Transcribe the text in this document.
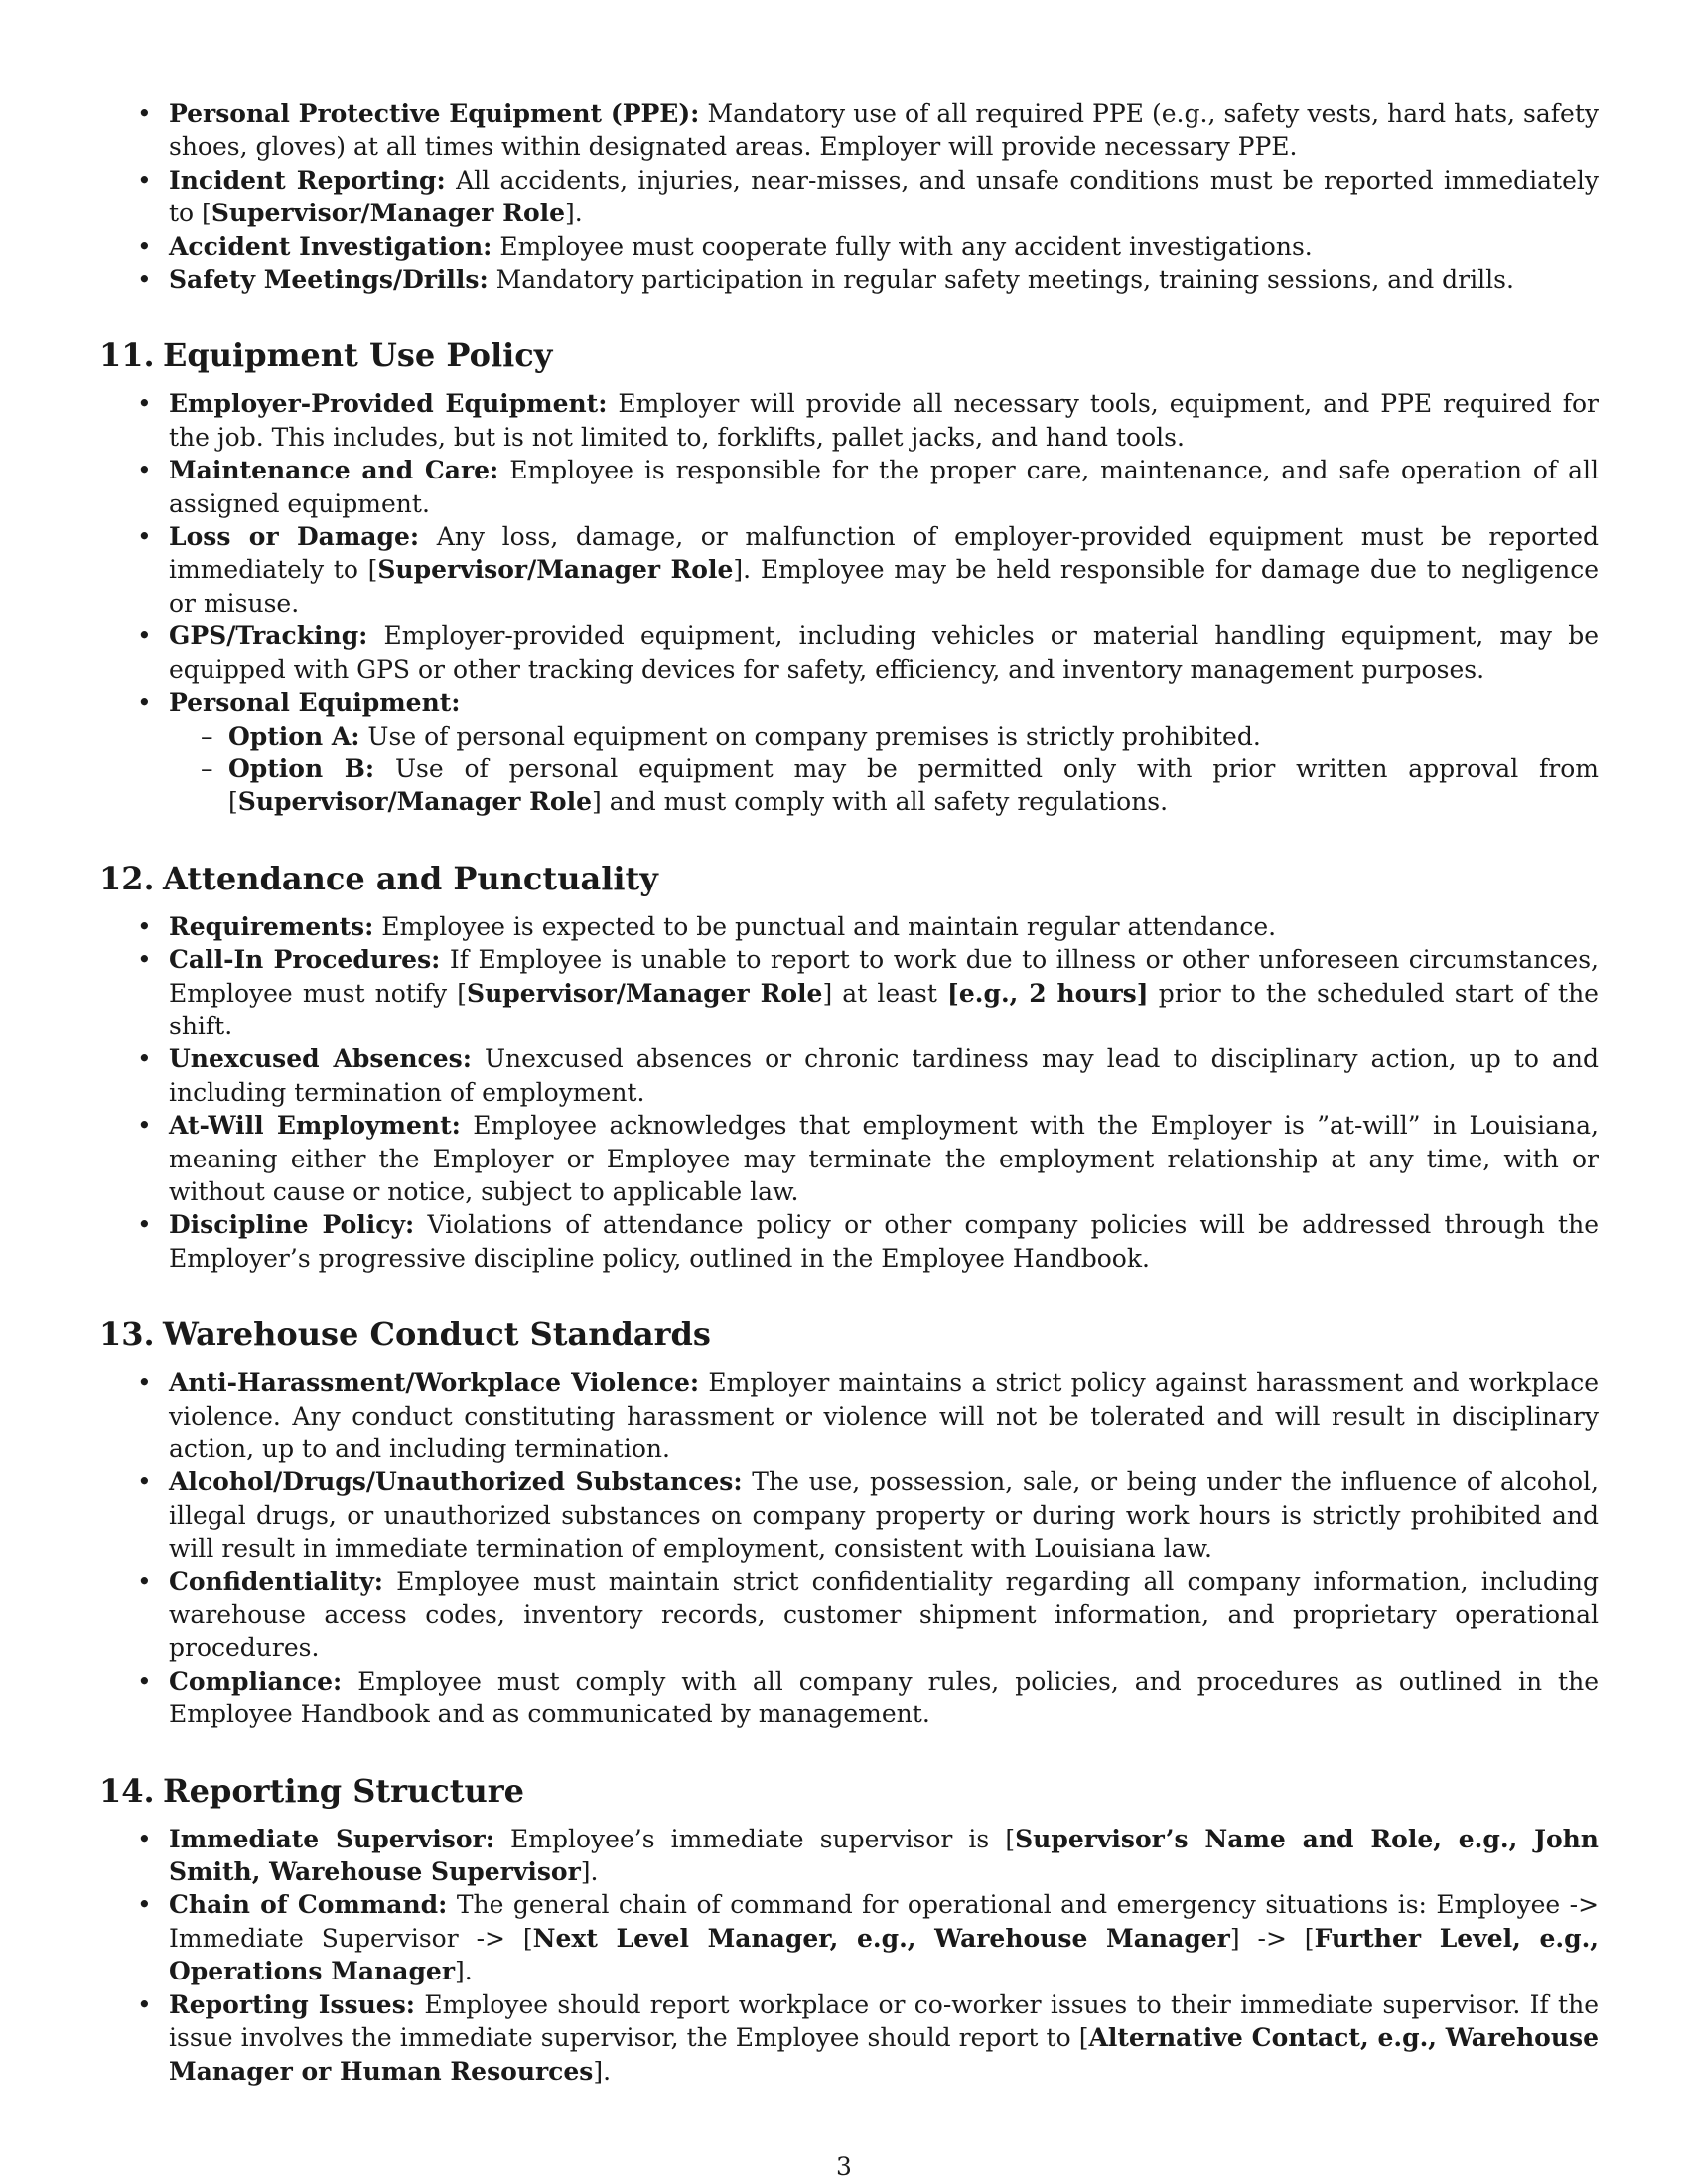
• Personal Protective Equipment (PPE): Mandatory use of all required PPE (e.g., safety vests, hard hats, safety shoes, gloves) at all times within designated areas. Employer will provide necessary PPE.
• Incident Reporting: All accidents, injuries, near-misses, and unsafe conditions must be reported immediately to [Supervisor/Manager Role].
• Accident Investigation: Employee must cooperate fully with any accident investigations.
• Safety Meetings/Drills: Mandatory participation in regular safety meetings, training sessions, and drills.
11. Equipment Use Policy
• Employer-Provided Equipment: Employer will provide all necessary tools, equipment, and PPE required for the job. This includes, but is not limited to, forklifts, pallet jacks, and hand tools.
• Maintenance and Care: Employee is responsible for the proper care, maintenance, and safe operation of all assigned equipment.
• Loss or Damage: Any loss, damage, or malfunction of employer-provided equipment must be reported immediately to [Supervisor/Manager Role]. Employee may be held responsible for damage due to negligence or misuse.
• GPS/Tracking: Employer-provided equipment, including vehicles or material handling equipment, may be equipped with GPS or other tracking devices for safety, efficiency, and inventory management purposes.
• Personal Equipment:
– Option A: Use of personal equipment on company premises is strictly prohibited.
– Option B: Use of personal equipment may be permitted only with prior written approval from [Supervisor/Manager Role] and must comply with all safety regulations.
12. Attendance and Punctuality
• Requirements: Employee is expected to be punctual and maintain regular attendance.
• Call-In Procedures: If Employee is unable to report to work due to illness or other unforeseen circumstances, Employee must notify [Supervisor/Manager Role] at least [e.g., 2 hours] prior to the scheduled start of the shift.
• Unexcused Absences: Unexcused absences or chronic tardiness may lead to disciplinary action, up to and including termination of employment.
• At-Will Employment: Employee acknowledges that employment with the Employer is ”at-will” in Louisiana, meaning either the Employer or Employee may terminate the employment relationship at any time, with or without cause or notice, subject to applicable law.
• Discipline Policy: Violations of attendance policy or other company policies will be addressed through the Employer’s progressive discipline policy, outlined in the Employee Handbook.
13. Warehouse Conduct Standards
• Anti-Harassment/Workplace Violence: Employer maintains a strict policy against harassment and workplace violence. Any conduct constituting harassment or violence will not be tolerated and will result in disciplinary action, up to and including termination.
• Alcohol/Drugs/Unauthorized Substances: The use, possession, sale, or being under the influence of alcohol, illegal drugs, or unauthorized substances on company property or during work hours is strictly prohibited and will result in immediate termination of employment, consistent with Louisiana law.
• Confidentiality: Employee must maintain strict confidentiality regarding all company information, including warehouse access codes, inventory records, customer shipment information, and proprietary operational procedures.
• Compliance: Employee must comply with all company rules, policies, and procedures as outlined in the Employee Handbook and as communicated by management.
14. Reporting Structure
• Immediate Supervisor: Employee’s immediate supervisor is [Supervisor’s Name and Role, e.g., John Smith, Warehouse Supervisor].
• Chain of Command: The general chain of command for operational and emergency situations is: Employee -> Immediate Supervisor -> [Next Level Manager, e.g., Warehouse Manager] -> [Further Level, e.g., Operations Manager].
• Reporting Issues: Employee should report workplace or co-worker issues to their immediate supervisor. If the issue involves the immediate supervisor, the Employee should report to [Alternative Contact, e.g., Warehouse Manager or Human Resources].
3
